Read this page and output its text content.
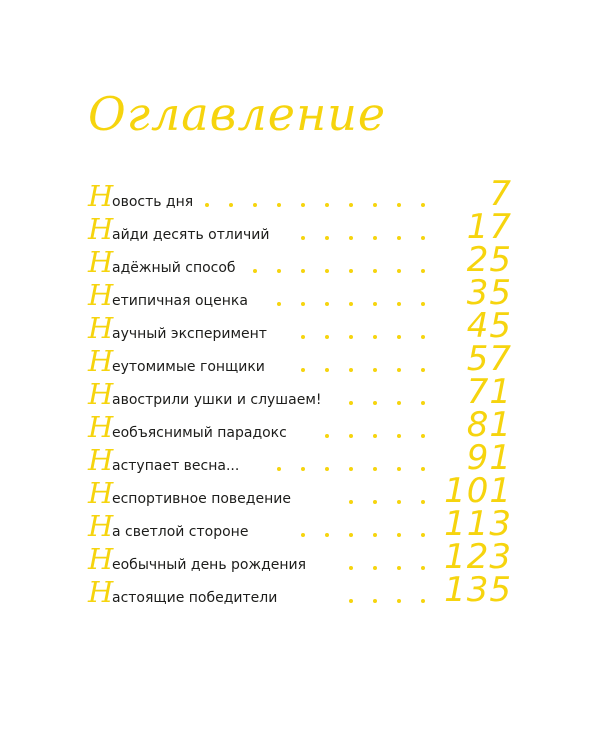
Оглавление
Н
овость дня	7
Н
айди десять отличий	17
Н
адёжный способ	25
Н
етипичная оценка	35
Н
аучный эксперимент	45
Н
еутомимые гонщики	57
Н
авострили ушки и слушаем!	71
Н
еобъяснимый парадокс	81
Н
аступает весна...	91
Н
еспортивное поведение	101
Н
а светлой стороне	113
Н
еобычный день рождения	123
Н
астоящие победители	135
